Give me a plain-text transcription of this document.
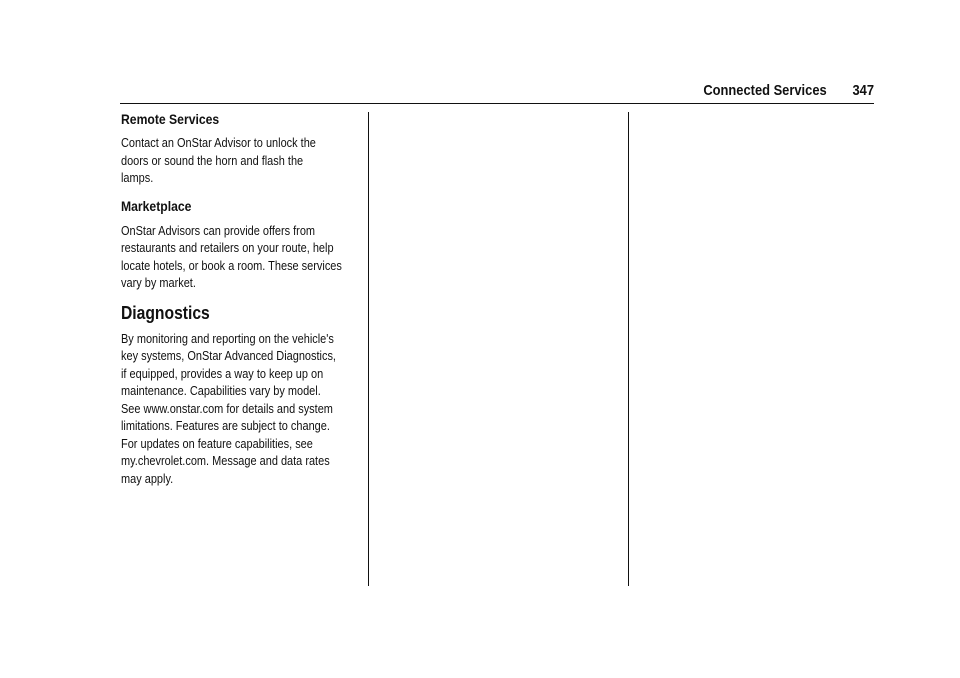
Connected Services 347
Remote Services

Contact an OnStar Advisor to unlock the
doors or sound the horn and flash the
lamps.

Marketplace

OnStar Advisors can provide offers from
restaurants and retailers on your route, help
locate hotels, or book a room. These services
vary by market.

Diagnostics

By monitoring and reporting on the vehicle's
key systems, OnStar Advanced Diagnostics,
if equipped, provides a way to keep up on
maintenance. Capabilities vary by model.
See www.onstar.com for details and system
limitations. Features are subject to change.
For updates on feature capabilities, see
my.chevrolet.com. Message and data rates
may apply.
